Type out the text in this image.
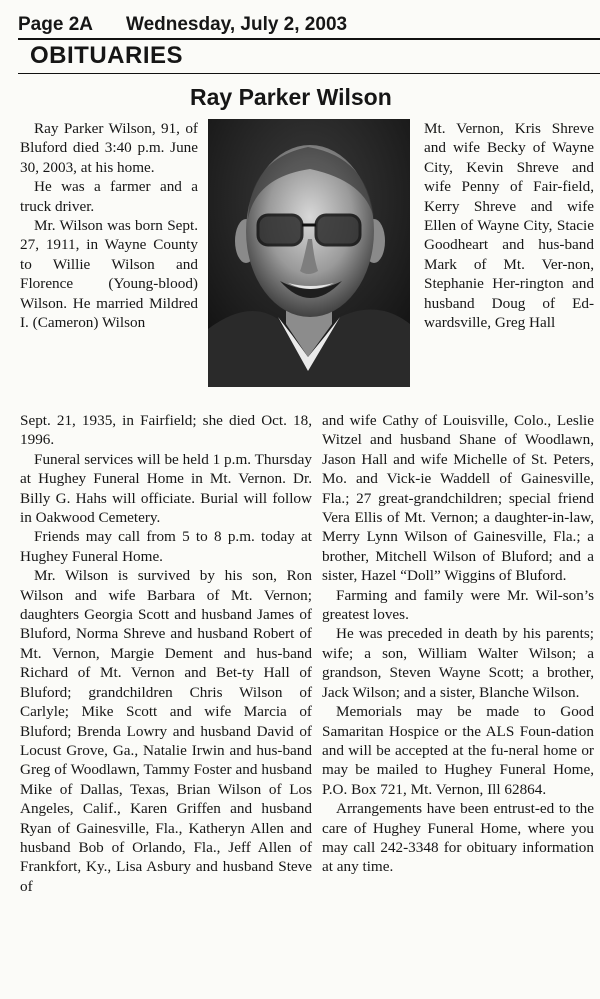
Page 2A Wednesday, July 2, 2003
OBITUARIES
Ray Parker Wilson

Ray Parker Wilson, 91, of Bluford died 3:40 p.m. June 30, 2003, at his home.

He was a farmer and a truck driver.

Mr. Wilson was born Sept. 27, 1911, in Wayne County to Willie Wilson and Florence (Young-blood) Wilson. He married Mildred I. (Cameron) Wilson

Mt. Vernon, Kris Shreve and wife Becky of Wayne City, Kevin Shreve and wife Penny of Fair-field, Kerry Shreve and wife Ellen of Wayne City, Stacie Goodheart and hus-band Mark of Mt. Ver-non, Stephanie Her-rington and husband Doug of Ed-wardsville, Greg Hall

Sept. 21, 1935, in Fairfield; she died Oct. 18, 1996.

Funeral services will be held 1 p.m. Thursday at Hughey Funeral Home in Mt. Vernon. Dr. Billy G. Hahs will officiate. Burial will follow in Oakwood Cemetery.

Friends may call from 5 to 8 p.m. today at Hughey Funeral Home.

Mr. Wilson is survived by his son, Ron Wilson and wife Barbara of Mt. Vernon; daughters Georgia Scott and husband James of Bluford, Norma Shreve and husband Robert of Mt. Vernon, Margie Dement and hus-band Richard of Mt. Vernon and Bet-ty Hall of Bluford; grandchildren Chris Wilson of Carlyle; Mike Scott and wife Marcia of Bluford; Brenda Lowry and husband David of Locust Grove, Ga., Natalie Irwin and hus-band Greg of Woodlawn, Tammy Foster and husband Mike of Dallas, Texas, Brian Wilson of Los Angeles, Calif., Karen Griffen and husband Ryan of Gainesville, Fla., Katheryn Allen and husband Bob of Orlando, Fla., Jeff Allen of Frankfort, Ky., Lisa Asbury and husband Steve of

and wife Cathy of Louisville, Colo., Leslie Witzel and husband Shane of Woodlawn, Jason Hall and wife Michelle of St. Peters, Mo. and Vick-ie Waddell of Gainesville, Fla.; 27 great-grandchildren; special friend Vera Ellis of Mt. Vernon; a daughter-in-law, Merry Lynn Wilson of Gainesville, Fla.; a brother, Mitchell Wilson of Bluford; and a sister, Hazel “Doll” Wiggins of Bluford.

Farming and family were Mr. Wil-son’s greatest loves.

He was preceded in death by his parents; wife; a son, William Walter Wilson; a grandson, Steven Wayne Scott; a brother, Jack Wilson; and a sister, Blanche Wilson.

Memorials may be made to Good Samaritan Hospice or the ALS Foun-dation and will be accepted at the fu-neral home or may be mailed to Hughey Funeral Home, P.O. Box 721, Mt. Vernon, Ill 62864.

Arrangements have been entrust-ed to the care of Hughey Funeral Home, where you may call 242-3348 for obituary information at any time.
